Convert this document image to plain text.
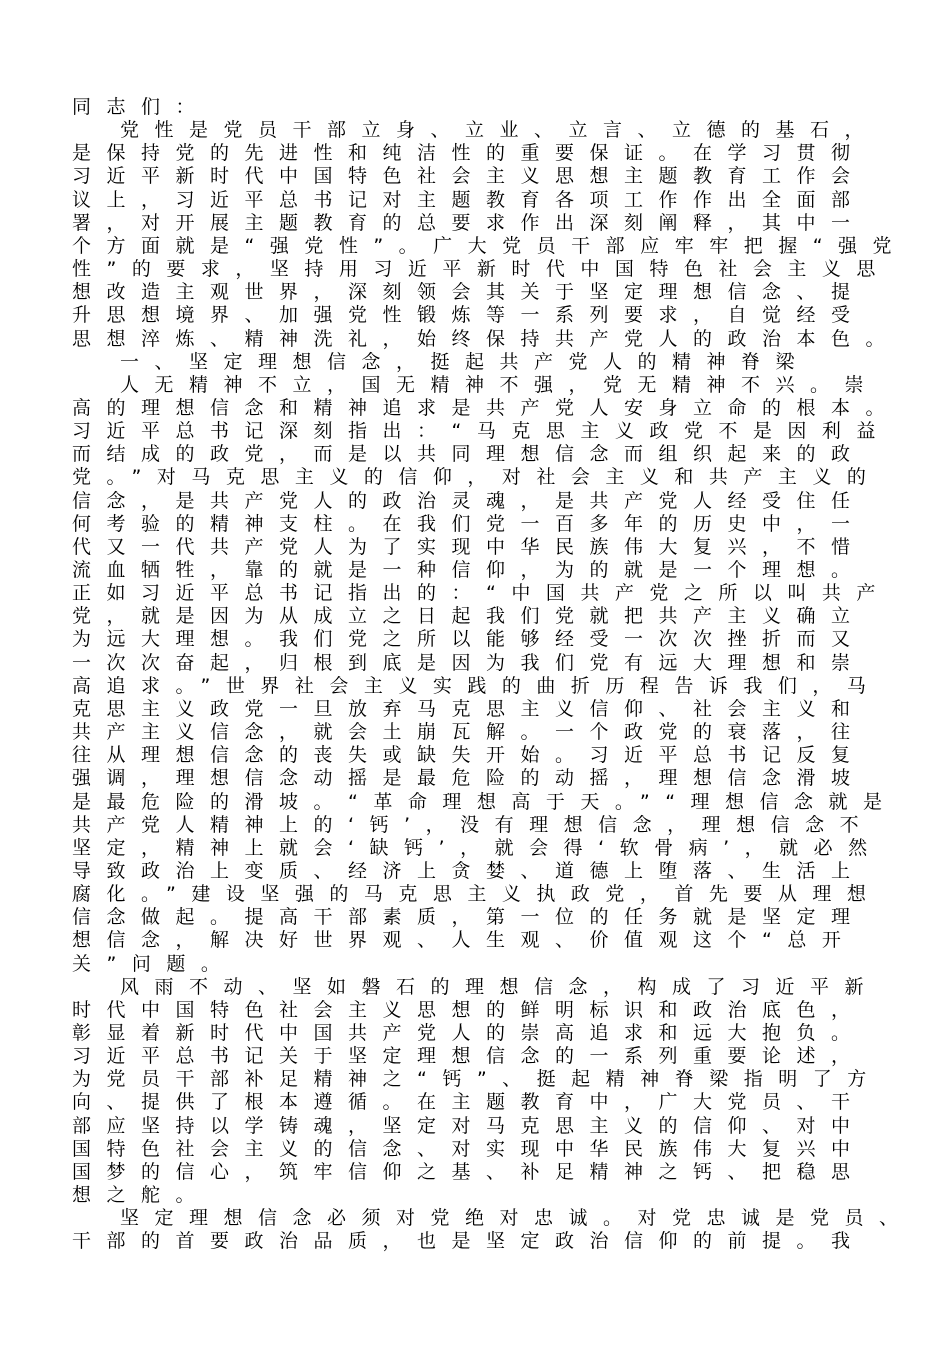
同志们：
党性是党员干部立身、立业、立言、立德的基石，
是保持党的先进性和纯洁性的重要保证。在学习贯彻
习近平新时代中国特色社会主义思想主题教育工作会
议上，习近平总书记对主题教育各项工作作出全面部
署，对开展主题教育的总要求作出深刻阐释，其中一
个方面就是“强党性”。广大党员干部应牢牢把握“强党
性”的要求，坚持用习近平新时代中国特色社会主义思
想改造主观世界，深刻领会其关于坚定理想信念、提
升思想境界、加强党性锻炼等一系列要求，自觉经受
思想淬炼、精神洗礼，始终保持共产党人的政治本色。
一、坚定理想信念，挺起共产党人的精神脊梁
人无精神不立，国无精神不强，党无精神不兴。崇
高的理想信念和精神追求是共产党人安身立命的根本。
习近平总书记深刻指出：“马克思主义政党不是因利益
而结成的政党，而是以共同理想信念而组织起来的政
党。”对马克思主义的信仰，对社会主义和共产主义的
信念，是共产党人的政治灵魂，是共产党人经受住任
何考验的精神支柱。在我们党一百多年的历史中，一
代又一代共产党人为了实现中华民族伟大复兴，不惜
流血牺牲，靠的就是一种信仰，为的就是一个理想。
正如习近平总书记指出的：“中国共产党之所以叫共产
党，就是因为从成立之日起我们党就把共产主义确立
为远大理想。我们党之所以能够经受一次次挫折而又
一次次奋起，归根到底是因为我们党有远大理想和崇
高追求。”世界社会主义实践的曲折历程告诉我们，马
克思主义政党一旦放弃马克思主义信仰、社会主义和
共产主义信念，就会土崩瓦解。一个政党的衰落，往
往从理想信念的丧失或缺失开始。习近平总书记反复
强调，理想信念动摇是最危险的动摇，理想信念滑坡
是最危险的滑坡。“革命理想高于天。”“理想信念就是
共产党人精神上的‘钙’，没有理想信念，理想信念不
坚定，精神上就会‘缺钙’，就会得‘软骨病’，就必然
导致政治上变质、经济上贪婪、道德上堕落、生活上
腐化。”建设坚强的马克思主义执政党，首先要从理想
信念做起。提高干部素质，第一位的任务就是坚定理
想信念，解决好世界观、人生观、价值观这个“总开
关”问题。
风雨不动、坚如磐石的理想信念，构成了习近平新
时代中国特色社会主义思想的鲜明标识和政治底色，
彰显着新时代中国共产党人的崇高追求和远大抱负。
习近平总书记关于坚定理想信念的一系列重要论述，
为党员干部补足精神之“钙”、挺起精神脊梁指明了方
向、提供了根本遵循。在主题教育中，广大党员、干
部应坚持以学铸魂，坚定对马克思主义的信仰、对中
国特色社会主义的信念、对实现中华民族伟大复兴中
国梦的信心，筑牢信仰之基、补足精神之钙、把稳思
想之舵。
坚定理想信念必须对党绝对忠诚。对党忠诚是党员、
干部的首要政治品质，也是坚定政治信仰的前提。我
